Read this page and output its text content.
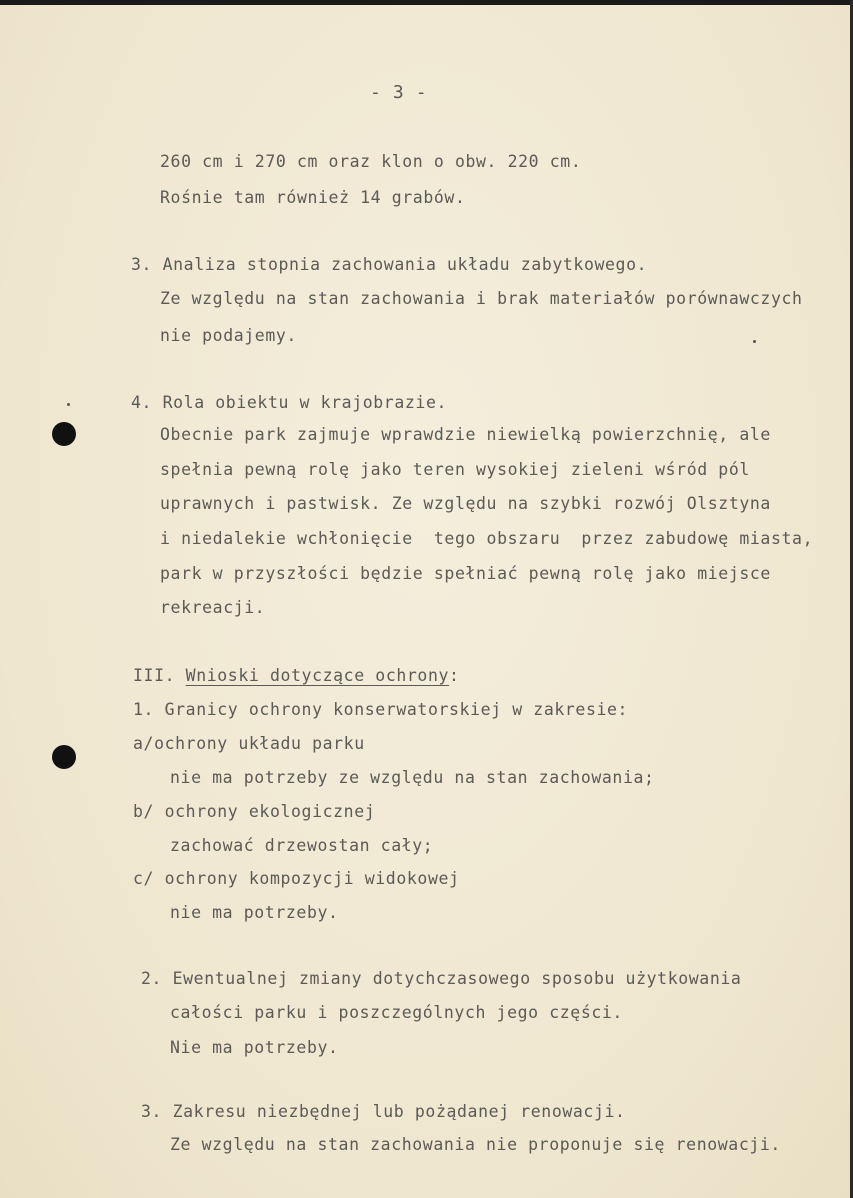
- 3 -
260 cm i 270 cm oraz klon o obw. 220 cm.
Rośnie tam również 14 grabów.
3. Analiza stopnia zachowania układu zabytkowego.
Ze względu na stan zachowania i brak materiałów porównawczych
nie podajemy.
4. Rola obiektu w krajobrazie.
Obecnie park zajmuje wprawdzie niewielką powierzchnię, ale
spełnia pewną rolę jako teren wysokiej zieleni wśród pól
uprawnych i pastwisk. Ze względu na szybki rozwój Olsztyna
i niedalekie wchłonięcie  tego obszaru  przez zabudowę miasta,
park w przyszłości będzie spełniać pewną rolę jako miejsce
rekreacji.
III. Wnioski dotyczące ochrony:
1. Granicy ochrony konserwatorskiej w zakresie:
a/ochrony układu parku
nie ma potrzeby ze względu na stan zachowania;
b/ ochrony ekologicznej
zachować drzewostan cały;
c/ ochrony kompozycji widokowej
nie ma potrzeby.
2. Ewentualnej zmiany dotychczasowego sposobu użytkowania
całości parku i poszczególnych jego części.
Nie ma potrzeby.
3. Zakresu niezbędnej lub pożądanej renowacji.
Ze względu na stan zachowania nie proponuje się renowacji.
